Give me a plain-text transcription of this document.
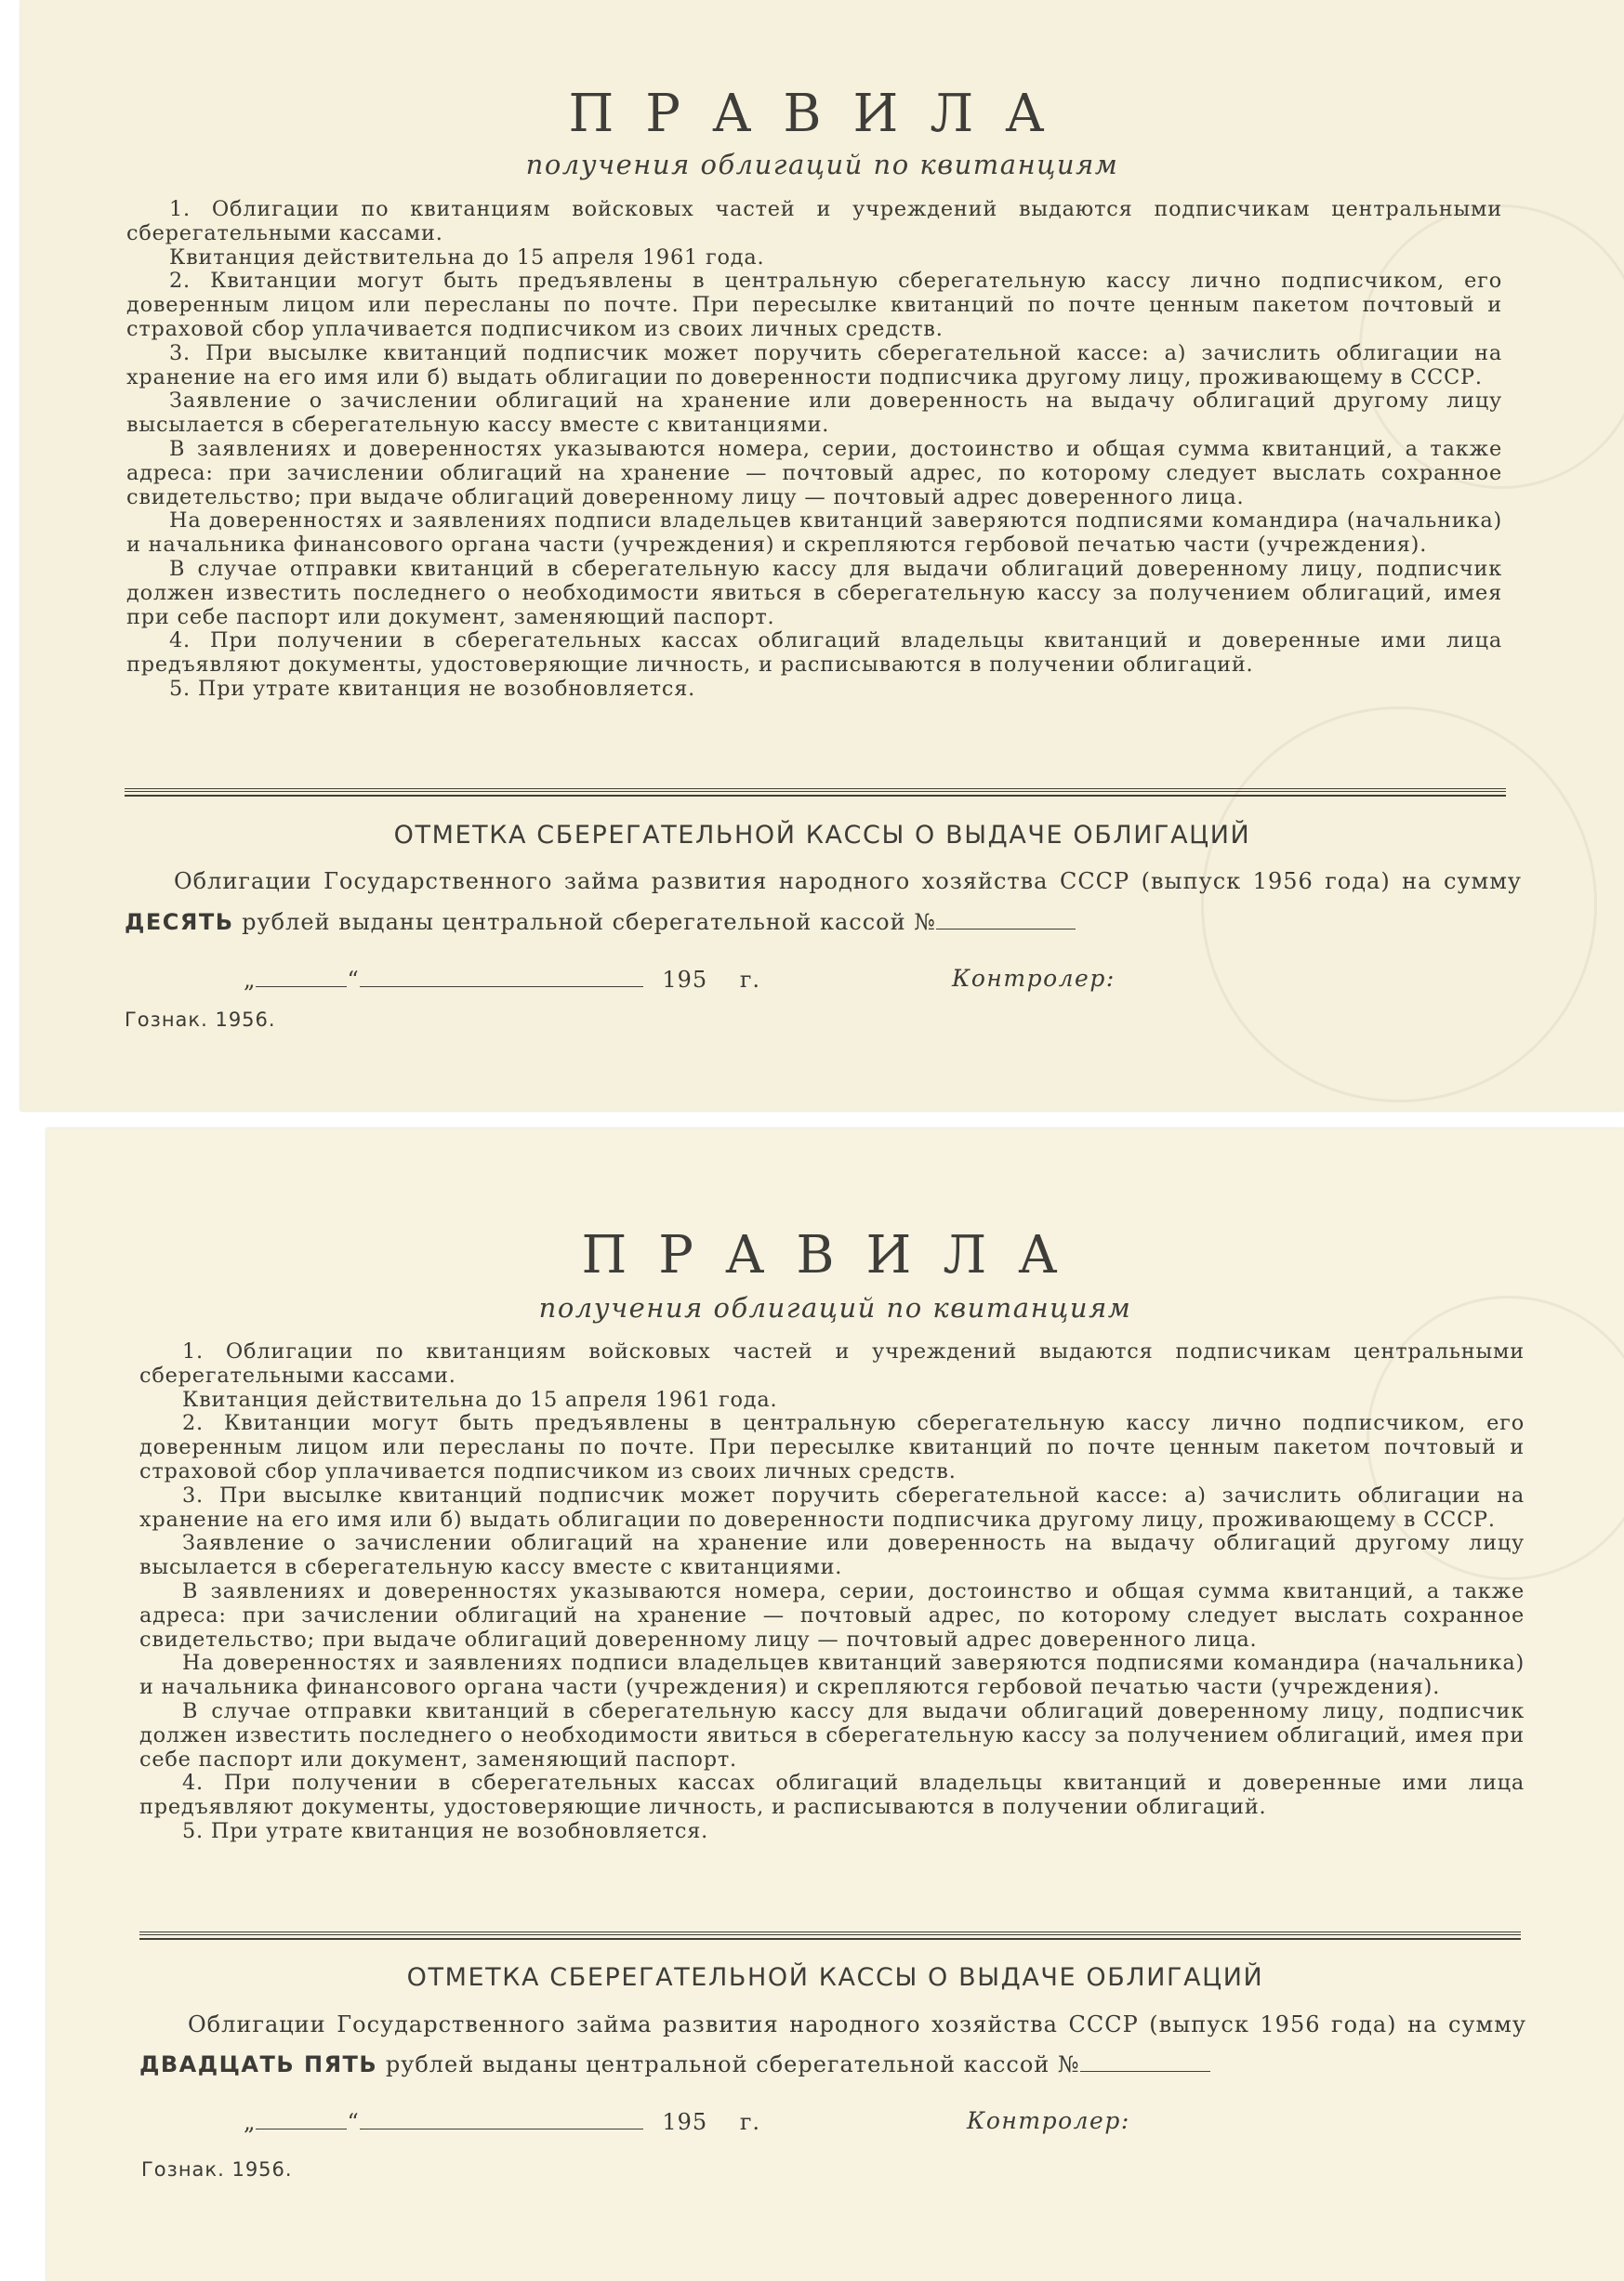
ПРАВИЛА
получения облигаций по квитанциям

1. Облигации по квитанциям войсковых частей и учреждений выдаются подписчикам центральными сберегательными кассами.

Квитанция действительна до 15 апреля 1961 года.

2. Квитанции могут быть предъявлены в центральную сберегательную кассу лично подписчиком, его доверенным лицом или пересланы по почте. При пересылке квитанций по почте ценным пакетом почтовый и страховой сбор уплачивается подписчиком из своих личных средств.

3. При высылке квитанций подписчик может поручить сберегательной кассе: а) зачислить облигации на хранение на его имя или б) выдать облигации по доверенности подписчика другому лицу, проживающему в СССР.

Заявление о зачислении облигаций на хранение или доверенность на выдачу облигаций другому лицу высылается в сберегательную кассу вместе с квитанциями.

В заявлениях и доверенностях указываются номера, серии, достоинство и общая сумма квитанций, а также адреса: при зачислении облигаций на хранение — почтовый адрес, по которому следует выслать сохранное свидетельство; при выдаче облигаций доверенному лицу — почтовый адрес доверенного лица.

На доверенностях и заявлениях подписи владельцев квитанций заверяются подписями командира (начальника) и начальника финансового органа части (учреждения) и скрепляются гербовой печатью части (учреждения).

В случае отправки квитанций в сберегательную кассу для выдачи облигаций доверенному лицу, подписчик должен известить последнего о необходимости явиться в сберегательную кассу за получением облигаций, имея при себе паспорт или документ, заменяющий паспорт.

4. При получении в сберегательных кассах облигаций владельцы квитанций и доверенные ими лица предъявляют документы, удостоверяющие личность, и расписываются в получении облигаций.

5. При утрате квитанция не возобновляется.

ОТМЕТКА СБЕРЕГАТЕЛЬНОЙ КАССЫ О ВЫДАЧЕ ОБЛИГАЦИЙ
Облигации Государственного займа развития народного хозяйства СССР (выпуск 1956 года) на сумму
ДЕСЯТЬ рублей выданы центральной сберегательной кассой №
„	“	195 г.	Контролер:
Гознак. 1956.
ПРАВИЛА
получения облигаций по квитанциям

1. Облигации по квитанциям войсковых частей и учреждений выдаются подписчикам центральными сберегательными кассами.

Квитанция действительна до 15 апреля 1961 года.

2. Квитанции могут быть предъявлены в центральную сберегательную кассу лично подписчиком, его доверенным лицом или пересланы по почте. При пересылке квитанций по почте ценным пакетом почтовый и страховой сбор уплачивается подписчиком из своих личных средств.

3. При высылке квитанций подписчик может поручить сберегательной кассе: а) зачислить облигации на хранение на его имя или б) выдать облигации по доверенности подписчика другому лицу, проживающему в СССР.

Заявление о зачислении облигаций на хранение или доверенность на выдачу облигаций другому лицу высылается в сберегательную кассу вместе с квитанциями.

В заявлениях и доверенностях указываются номера, серии, достоинство и общая сумма квитанций, а также адреса: при зачислении облигаций на хранение — почтовый адрес, по которому следует выслать сохранное свидетельство; при выдаче облигаций доверенному лицу — почтовый адрес доверенного лица.

На доверенностях и заявлениях подписи владельцев квитанций заверяются подписями командира (начальника) и начальника финансового органа части (учреждения) и скрепляются гербовой печатью части (учреждения).

В случае отправки квитанций в сберегательную кассу для выдачи облигаций доверенному лицу, подписчик должен известить последнего о необходимости явиться в сберегательную кассу за получением облигаций, имея при себе паспорт или документ, заменяющий паспорт.

4. При получении в сберегательных кассах облигаций владельцы квитанций и доверенные ими лица предъявляют документы, удостоверяющие личность, и расписываются в получении облигаций.

5. При утрате квитанция не возобновляется.

ОТМЕТКА СБЕРЕГАТЕЛЬНОЙ КАССЫ О ВЫДАЧЕ ОБЛИГАЦИЙ
Облигации Государственного займа развития народного хозяйства СССР (выпуск 1956 года) на сумму
ДВАДЦАТЬ ПЯТЬ рублей выданы центральной сберегательной кассой №
„	“	195 г.	Контролер:
Гознак. 1956.
